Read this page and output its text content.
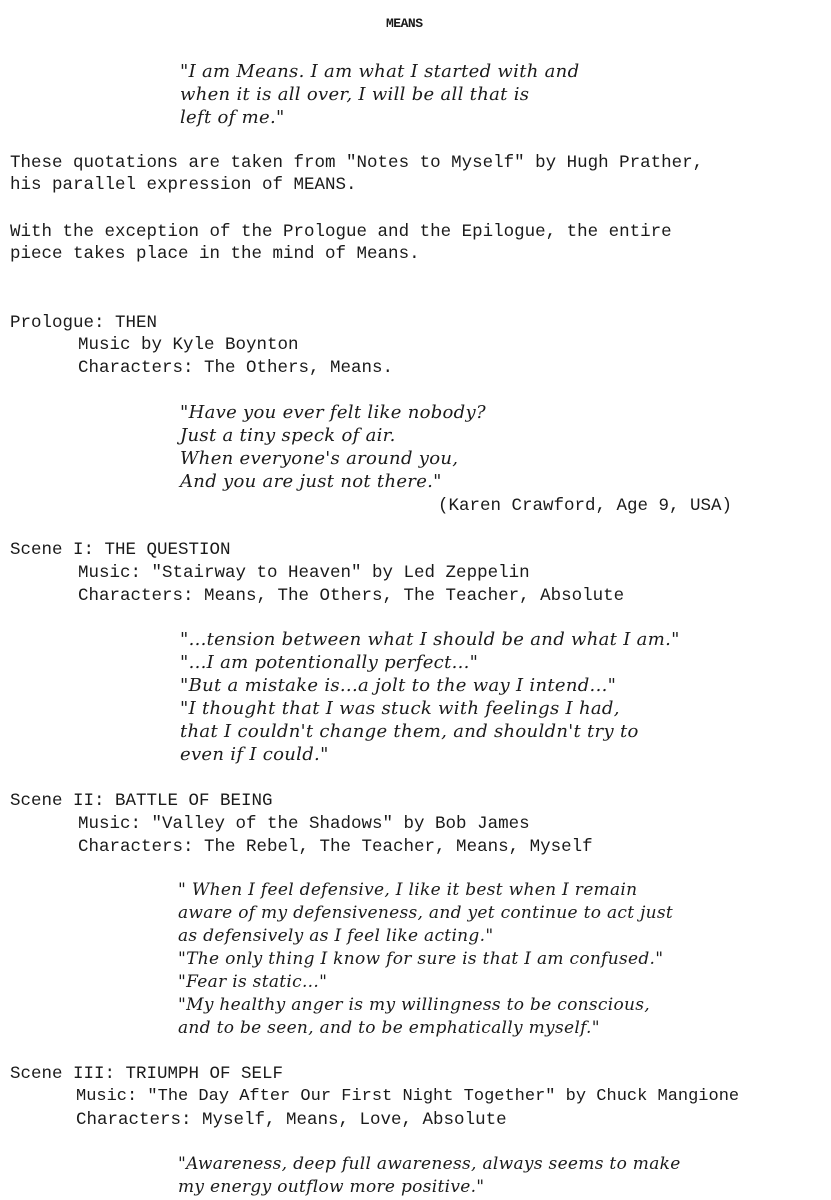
MEANS
"I am Means. I am what I started with and
when it is all over, I will be all that is
left of me."
These quotations are taken from "Notes to Myself" by Hugh Prather,
his parallel expression of MEANS.
With the exception of the Prologue and the Epilogue, the entire
piece takes place in the mind of Means.
Prologue: THEN
Music by Kyle Boynton
Characters: The Others, Means.
"Have you ever felt like nobody?
Just a tiny speck of air.
When everyone's around you,
And you are just not there."
(Karen Crawford, Age 9, USA)
Scene I: THE QUESTION
Music: "Stairway to Heaven" by Led Zeppelin
Characters: Means, The Others, The Teacher, Absolute
"...tension between what I should be and what I am."
"...I am potentionally perfect..."
"But a mistake is...a jolt to the way I intend..."
"I thought that I was stuck with feelings I had,
that I couldn't change them, and shouldn't try to
even if I could."
Scene II: BATTLE OF BEING
Music: "Valley of the Shadows" by Bob James
Characters: The Rebel, The Teacher, Means, Myself
" When I feel defensive, I like it best when I remain
aware of my defensiveness, and yet continue to act just
as defensively as I feel like acting."
"The only thing I know for sure is that I am confused."
"Fear is static..."
"My healthy anger is my willingness to be conscious,
and to be seen, and to be emphatically myself."
Scene III: TRIUMPH OF SELF
Music: "The Day After Our First Night Together" by Chuck Mangione
Characters: Myself, Means, Love, Absolute
"Awareness, deep full awareness, always seems to make
my energy outflow more positive."
